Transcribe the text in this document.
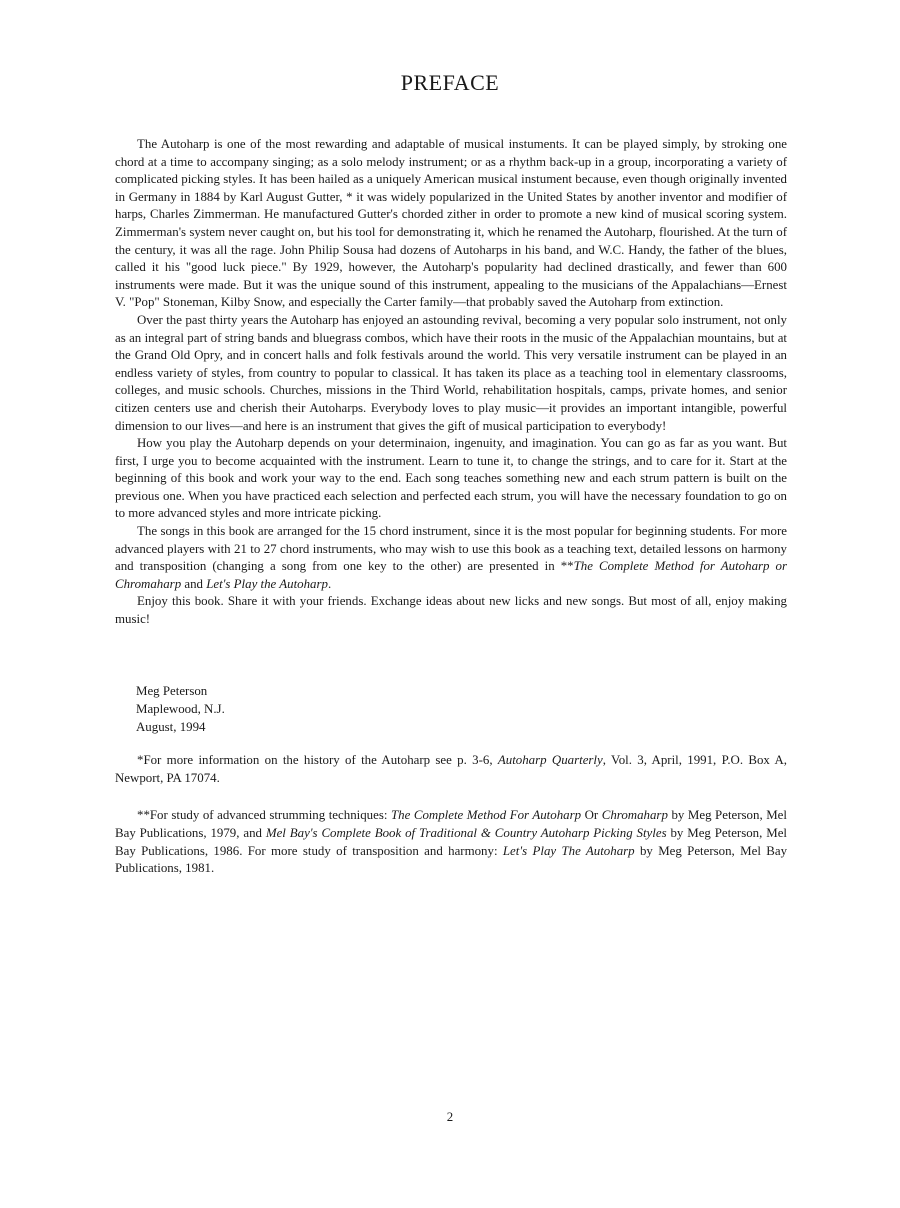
PREFACE

The Autoharp is one of the most rewarding and adaptable of musical instuments. It can be played simply, by stroking one chord at a time to accompany singing; as a solo melody instrument; or as a rhythm back-up in a group, incorporating a variety of complicated picking styles. It has been hailed as a uniquely American musical instument because, even though originally invented in Germany in 1884 by Karl August Gutter, * it was widely popularized in the United States by another inventor and modifier of harps, Charles Zimmerman. He manufactured Gutter's chorded zither in order to promote a new kind of musical scoring system. Zimmerman's system never caught on, but his tool for demonstrating it, which he renamed the Autoharp, flourished. At the turn of the century, it was all the rage. John Philip Sousa had dozens of Autoharps in his band, and W.C. Handy, the father of the blues, called it his "good luck piece." By 1929, however, the Autoharp's popularity had declined drastically, and fewer than 600 instruments were made. But it was the unique sound of this instrument, appealing to the musicians of the Appalachians—Ernest V. "Pop" Stoneman, Kilby Snow, and especially the Carter family—that probably saved the Autoharp from extinction.

Over the past thirty years the Autoharp has enjoyed an astounding revival, becoming a very popular solo instrument, not only as an integral part of string bands and bluegrass combos, which have their roots in the music of the Appalachian mountains, but at the Grand Old Opry, and in concert halls and folk festivals around the world. This very versatile instrument can be played in an endless variety of styles, from country to popular to classical. It has taken its place as a teaching tool in elementary classrooms, colleges, and music schools. Churches, missions in the Third World, rehabilitation hospitals, camps, private homes, and senior citizen centers use and cherish their Autoharps. Everybody loves to play music—it provides an important intangible, powerful dimension to our lives—and here is an instrument that gives the gift of musical participation to everybody!

How you play the Autoharp depends on your determinaion, ingenuity, and imagination. You can go as far as you want. But first, I urge you to become acquainted with the instrument. Learn to tune it, to change the strings, and to care for it. Start at the beginning of this book and work your way to the end. Each song teaches something new and each strum pattern is built on the previous one. When you have practiced each selection and perfected each strum, you will have the necessary foundation to go on to more advanced styles and more intricate picking.

The songs in this book are arranged for the 15 chord instrument, since it is the most popular for beginning students. For more advanced players with 21 to 27 chord instruments, who may wish to use this book as a teaching text, detailed lessons on harmony and transposition (changing a song from one key to the other) are presented in **The Complete Method for Autoharp or Chromaharp and Let's Play the Autoharp.

Enjoy this book. Share it with your friends. Exchange ideas about new licks and new songs. But most of all, enjoy making music!

Meg Peterson
Maplewood, N.J.
August, 1994

*For more information on the history of the Autoharp see p. 3-6, Autoharp Quarterly, Vol. 3, April, 1991, P.O. Box A, Newport, PA 17074.

**For study of advanced strumming techniques: The Complete Method For Autoharp Or Chromaharp by Meg Peterson, Mel Bay Publications, 1979, and Mel Bay's Complete Book of Traditional & Country Autoharp Picking Styles by Meg Peterson, Mel Bay Publications, 1986. For more study of transposition and harmony: Let's Play The Autoharp by Meg Peterson, Mel Bay Publications, 1981.

2
